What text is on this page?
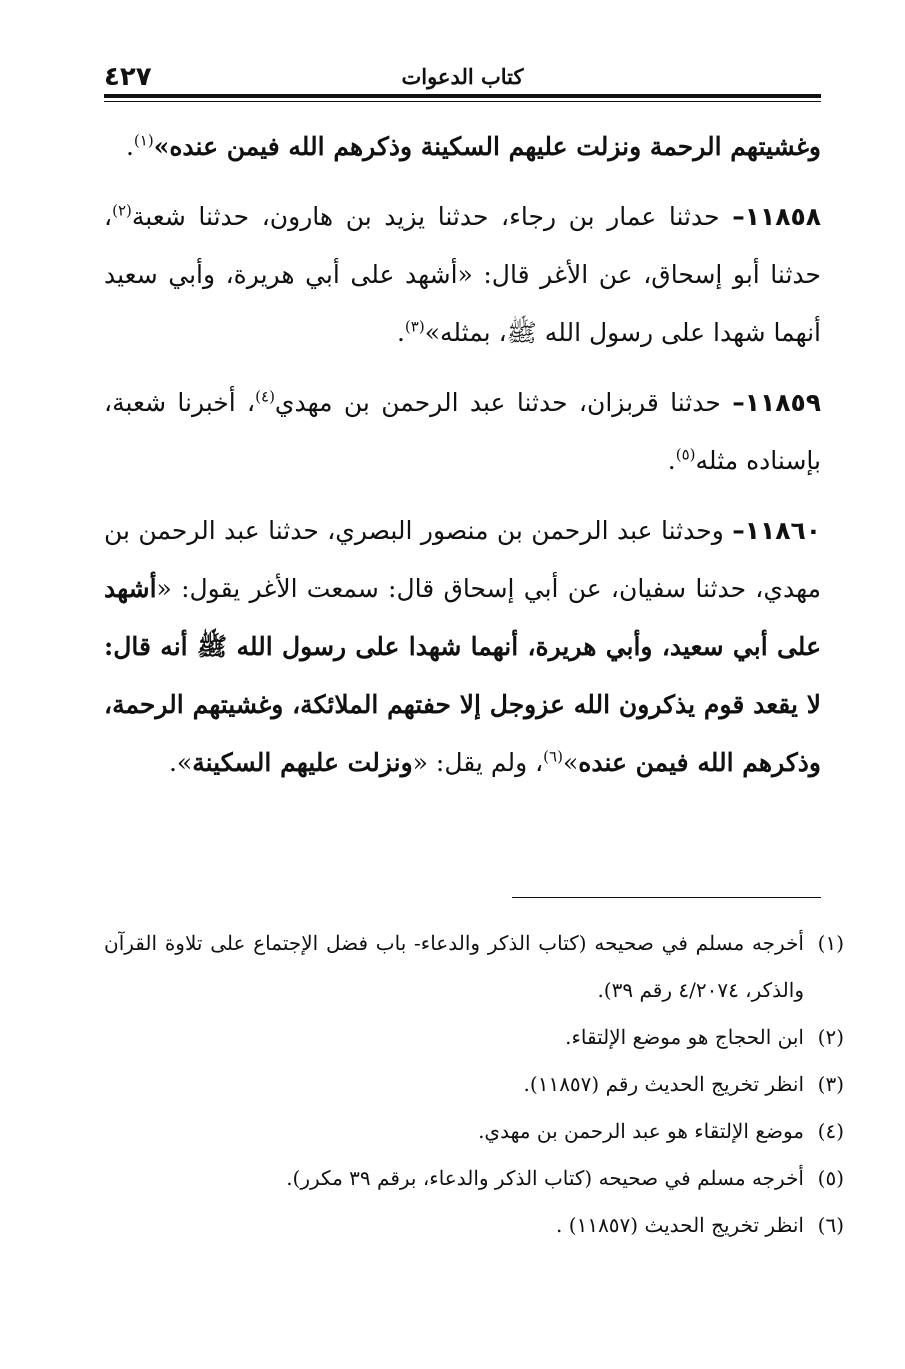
٤٢٧	كتاب الدعوات

وغشيتهم الرحمة ونزلت عليهم السكينة وذكرهم الله فيمن عنده»$^{(١)}$.

١١٨٥٨– حدثنا عمار بن رجاء، حدثنا يزيد بن هارون، حدثنا شعبة$^{(٢)}$، حدثنا أبو إسحاق، عن الأغر قال: «أشهد على أبي هريرة، وأبي سعيد أنهما شهدا على رسول الله ﷺ، بمثله»$^{(٣)}$.

١١٨٥٩– حدثنا قربزان، حدثنا عبد الرحمن بن مهدي$^{(٤)}$، أخبرنا شعبة، بإسناده مثله$^{(٥)}$.

١١٨٦٠– وحدثنا عبد الرحمن بن منصور البصري، حدثنا عبد الرحمن بن مهدي، حدثنا سفيان، عن أبي إسحاق قال: سمعت الأغر يقول: «أشهد على أبي سعيد، وأبي هريرة، أنهما شهدا على رسول الله ﷺ أنه قال: لا يقعد قوم يذكرون الله عزوجل إلا حفتهم الملائكة، وغشيتهم الرحمة، وذكرهم الله فيمن عنده»$^{(٦)}$، ولم يقل: «ونزلت عليهم السكينة».

(١)أخرجه مسلم في صحيحه (كتاب الذكر والدعاء- باب فضل الإجتماع على تلاوة القرآن والذكر، ٤/٢٠٧٤ رقم ٣٩).

(٢)ابن الحجاج هو موضع الإلتقاء.

(٣)انظر تخريج الحديث رقم (١١٨٥٧).

(٤)موضع الإلتقاء هو عبد الرحمن بن مهدي.

(٥)أخرجه مسلم في صحيحه (كتاب الذكر والدعاء، برقم ٣٩ مكرر).

(٦)انظر تخريج الحديث (١١٨٥٧) .
